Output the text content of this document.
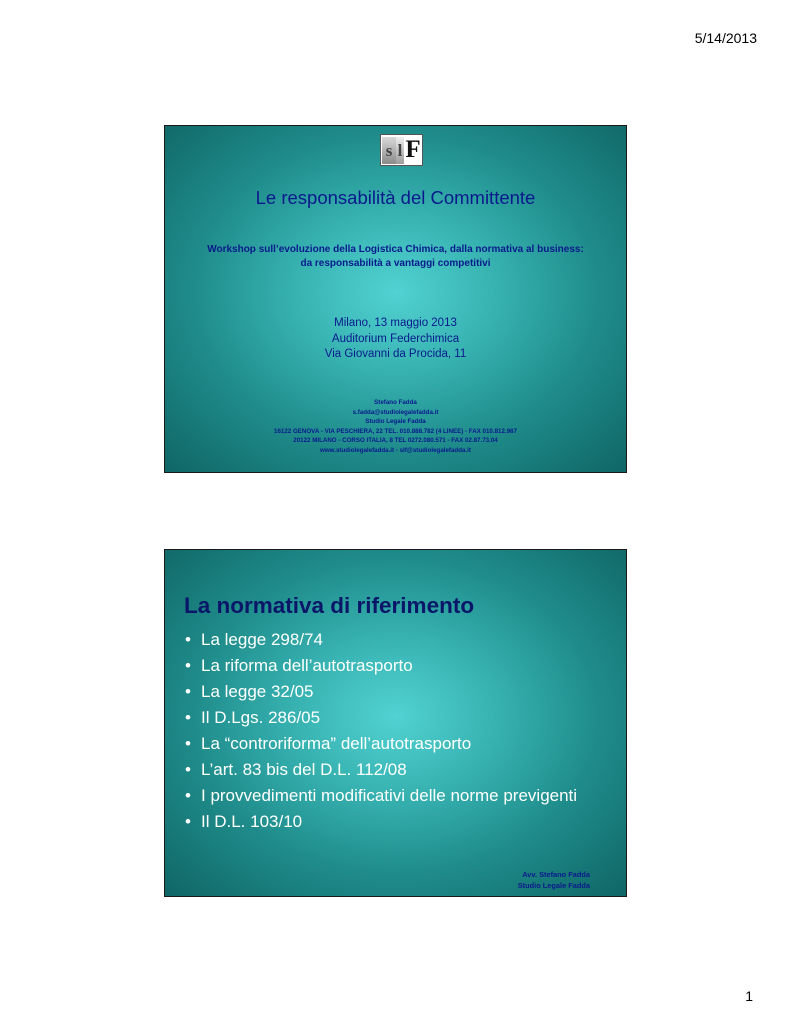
5/14/2013
s l F
Le responsabilità del Committente
Workshop sull’evoluzione della Logistica Chimica, dalla normativa al business:
da responsabilità a vantaggi competitivi
Milano, 13 maggio 2013
Auditorium Federchimica
Via Giovanni da Procida, 11
Stefano Fadda
s.fadda@studiolegalefadda.it
Studio Legale Fadda
16122 GENOVA - VIA PESCHIERA, 22 TEL. 010.888.782 (4 LINEE) - FAX 010.812.987
20122 MILANO - CORSO ITALIA, 8 TEL 0272.080.571 - FAX 02.87.73.04
www.studiolegalefadda.it - slf@studiolegalefadda.it
La normativa di riferimento
• La legge 298/74
• La riforma dell’autotrasporto
• La legge 32/05
• Il D.Lgs. 286/05
• La “controriforma” dell’autotrasporto
• L’art. 83 bis del D.L. 112/08
• I provvedimenti modificativi delle norme previgenti
• Il D.L. 103/10
Avv. Stefano Fadda
Studio Legale Fadda
1
